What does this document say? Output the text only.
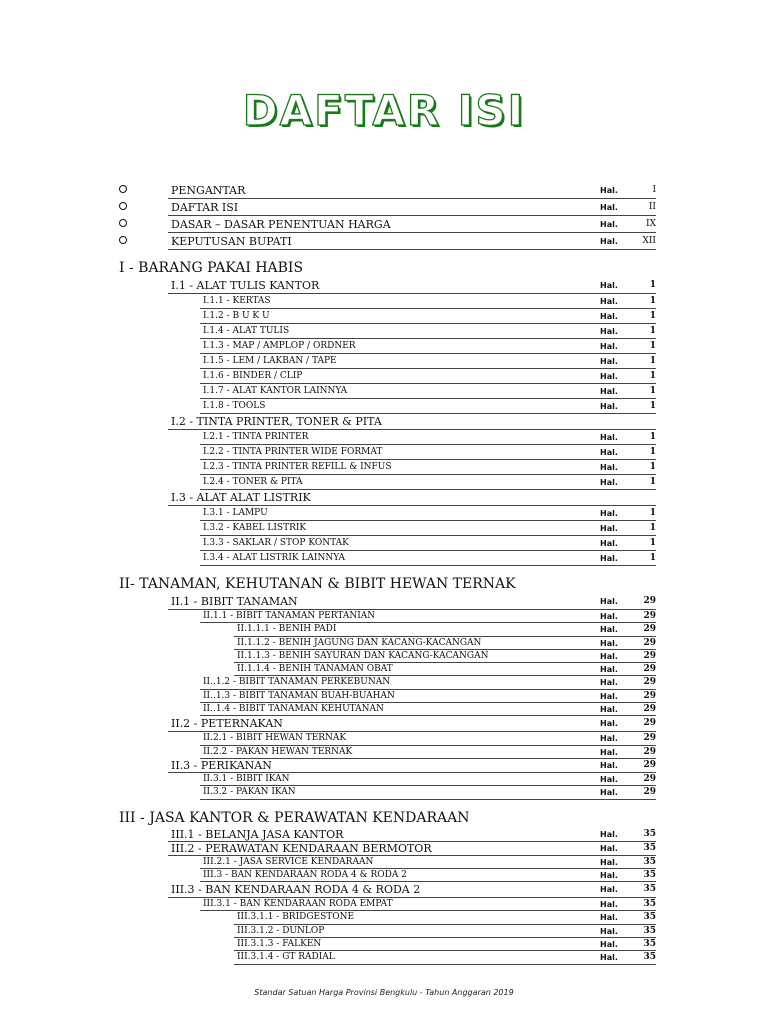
DAFTAR ISI
PENGANTAR	Hal.	I
DAFTAR ISI	Hal.	II
DASAR – DASAR PENENTUAN HARGA	Hal.	IX
KEPUTUSAN BUPATI	Hal.	XII
I - BARANG PAKAI HABIS
I.1 - ALAT TULIS KANTOR	Hal.	1
I.1.1 - KERTAS	Hal.	1
I.1.2 - B U K U	Hal.	1
I.1.4 - ALAT TULIS	Hal.	1
I.1.3 - MAP / AMPLOP / ORDNER	Hal.	1
I.1.5 - LEM / LAKBAN / TAPE	Hal.	1
I.1.6 - BINDER / CLIP	Hal.	1
I.1.7 - ALAT KANTOR LAINNYA	Hal.	1
I.1.8 - TOOLS	Hal.	1
I.2 - TINTA PRINTER, TONER & PITA
I.2.1 - TINTA PRINTER	Hal.	1
I.2.2 - TINTA PRINTER WIDE FORMAT	Hal.	1
I.2.3 - TINTA PRINTER REFILL & INFUS	Hal.	1
I.2.4 - TONER & PITA	Hal.	1
I.3 - ALAT ALAT LISTRIK
I.3.1 - LAMPU	Hal.	1
I.3.2 - KABEL LISTRIK	Hal.	1
I.3.3 - SAKLAR / STOP KONTAK	Hal.	1
I.3.4 - ALAT LISTRIK LAINNYA	Hal.	1
II- TANAMAN, KEHUTANAN & BIBIT HEWAN TERNAK
II.1 - BIBIT TANAMAN	Hal.	29
II.1.1 - BIBIT TANAMAN PERTANIAN	Hal.	29
II.1.1.1 - BENIH PADI	Hal.	29
II.1.1.2 - BENIH JAGUNG DAN KACANG-KACANGAN	Hal.	29
II.1.1.3 - BENIH SAYURAN DAN KACANG-KACANGAN	Hal.	29
II.1.1.4 - BENIH TANAMAN OBAT	Hal.	29
II..1.2 - BIBIT TANAMAN PERKEBUNAN	Hal.	29
II..1.3 - BIBIT TANAMAN BUAH-BUAHAN	Hal.	29
II..1.4 - BIBIT TANAMAN KEHUTANAN	Hal.	29
II.2 - PETERNAKAN	Hal.	29
II.2.1 - BIBIT HEWAN TERNAK	Hal.	29
II.2.2 - PAKAN HEWAN TERNAK	Hal.	29
II.3 - PERIKANAN	Hal.	29
II.3.1 - BIBIT IKAN	Hal.	29
II.3.2 - PAKAN IKAN	Hal.	29
III - JASA KANTOR & PERAWATAN KENDARAAN
III.1 - BELANJA JASA KANTOR	Hal.	35
III.2 - PERAWATAN KENDARAAN BERMOTOR	Hal.	35
III.2.1 - JASA SERVICE KENDARAAN	Hal.	35
III.3 - BAN KENDARAAN RODA 4 & RODA 2	Hal.	35
III.3 - BAN KENDARAAN RODA 4 & RODA 2	Hal.	35
III.3.1 - BAN KENDARAAN RODA EMPAT	Hal.	35
III.3.1.1 - BRIDGESTONE	Hal.	35
III.3.1.2 - DUNLOP	Hal.	35
III.3.1.3 - FALKEN	Hal.	35
III.3.1.4 - GT RADIAL	Hal.	35
Standar Satuan Harga Provinsi Bengkulu - Tahun Anggaran 2019
